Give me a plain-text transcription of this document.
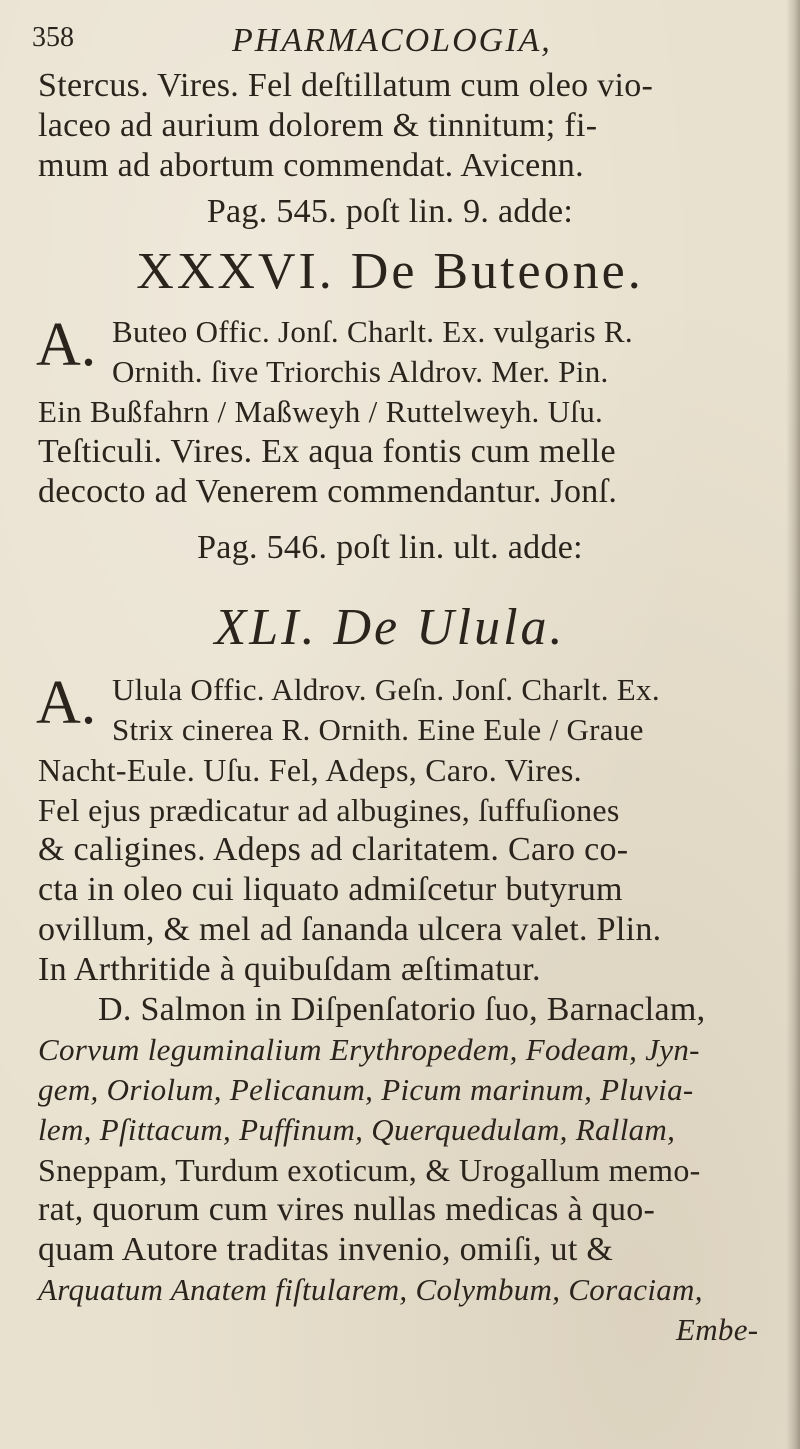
358	PHARMACOLOGIA,
Stercus. Vires. Fel deſtillatum cum oleo vio-
laceo ad aurium dolorem & tinnitum; fi-
mum ad abortum commendat. Avicenn.
Pag. 545. poſt lin. 9. adde:
XXXVI. De Buteone.
A. Buteo Offic. Jonſ. Charlt. Ex. vulgaris R.
Ornith. ſive Triorchis Aldrov. Mer. Pin.
Ein Bußfahrn / Maßweyh / Ruttelweyh. Uſu.
Teſticuli. Vires. Ex aqua fontis cum melle
decocto ad Venerem commendantur. Jonſ.
Pag. 546. poſt lin. ult. adde:
XLI. De Ulula.
A. Ulula Offic. Aldrov. Geſn. Jonſ. Charlt. Ex.
Strix cinerea R. Ornith. Eine Eule / Graue
Nacht-Eule. Uſu. Fel, Adeps, Caro. Vires.
Fel ejus prædicatur ad albugines, ſuffuſiones
& caligines. Adeps ad claritatem. Caro co-
cta in oleo cui liquato admiſcetur butyrum
ovillum, & mel ad ſananda ulcera valet. Plin.
In Arthritide à quibuſdam æſtimatur.
D. Salmon in Diſpenſatorio ſuo, Barnaclam,
Corvum leguminalium Erythropedem, Fodeam, Jyn-
gem, Oriolum, Pelicanum, Picum marinum, Pluvia-
lem, Pſittacum, Puffinum, Querquedulam, Rallam,
Sneppam, Turdum exoticum, & Urogallum memo-
rat, quorum cum vires nullas medicas à quo-
quam Autore traditas invenio, omiſi, ut &
Arquatum Anatem fiſtularem, Colymbum, Coraciam,
Embe-
